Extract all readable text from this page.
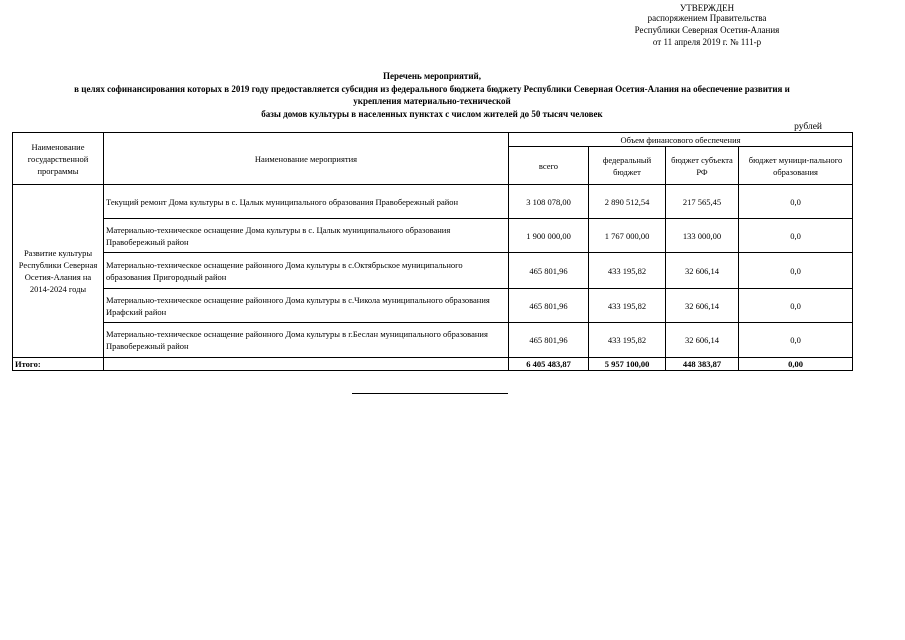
УТВЕРЖДЕН
распоряжением Правительства
Республики Северная Осетия-Алания
от 11 апреля 2019 г. № 111-р
Перечень мероприятий,
в целях софинансирования которых в 2019 году предоставляется субсидия из федерального бюджета бюджету Республики Северная Осетия-Алания на обеспечение развития и
укрепления материально-технической
базы домов культуры в населенных пунктах с числом жителей до 50 тысяч человек
рублей
Наименование государственной программы	Наименование мероприятия	Объем финансового обеспечения			
		всего	федеральный бюджет	бюджет субъекта РФ	бюджет муници-пального образования
Развитие культуры Республики Северная Осетия-Алания на 2014-2024 годы	Текущий ремонт Дома культуры в с. Цалык муниципального образования Правобережный район	3 108 078,00	2 890 512,54	217 565,45	0,0
	Материально-техническое оснащение Дома культуры в с. Цалык муниципального образования Правобережный район	1 900 000,00	1 767 000,00	133 000,00	0,0
	Материально-техническое оснащение районного Дома культуры в с.Октябрьское муниципального образования Пригородный район	465 801,96	433 195,82	32 606,14	0,0
	Материально-техническое оснащение районного Дома культуры в с.Чикола муниципального образования Ирафский район	465 801,96	433 195,82	32 606,14	0,0
	Материально-техническое оснащение районного Дома культуры в г.Беслан муниципального образования Правобережный район	465 801,96	433 195,82	32 606,14	0,0
Итого:		6 405 483,87	5 957 100,00	448 383,87	0,00
